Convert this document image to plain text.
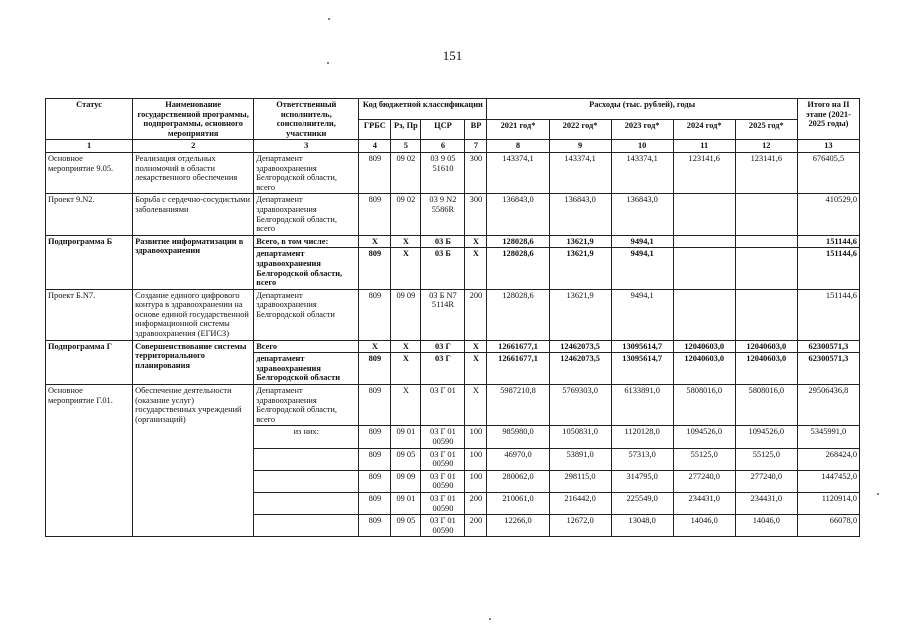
151
Статус	Наименование государственной программы, подпрограммы, основного мероприятия	Ответственный исполнитель, соисполнители, участники	Код бюджетной классификации				Расходы (тыс. рублей), годы					Итого на II этапе (2021-2025 годы)
			ГРБС	Рз, Пр	ЦСР	ВР	2021 год*	2022 год*	2023 год*	2024 год*	2025 год*	
1	2	3	4	5	6	7	8	9	10	11	12	13
Основное мероприятие 9.05.	Реализация отдельных полномочий в области лекарственного обеспечения	Департамент здравоохранения Белгородской области, всего	809	09 02	03 9 05 51610	300	143374,1	143374,1	143374,1	123141,6	123141,6	676405,5
Проект 9.N2.	Борьба с сердечно-сосудистыми заболеваниями	Департамент здравоохранения Белгородской области, всего	809	09 02	03 9 N2 5586R	300	136843,0	136843,0	136843,0			410529,0
Подпрограмма Б	Развитие информатизации в здравоохранении	Всего, в том числе:	Х	Х	03 Б	Х	128028,6	13621,9	9494,1			151144,6
		департамент здравоохранения Белгородской области, всего	809	Х	03 Б	Х	128028,6	13621,9	9494,1			151144,6
Проект Б.N7.	Создание единого цифрового контура в здравоохранении на основе единой государственной информационной системы здравоохранения (ЕГИСЗ)	Департамент здравоохранения Белгородской области	809	09 09	03 Б N7 5114R	200	128028,6	13621,9	9494,1			151144,6
Подпрограмма Г	Совершенствование системы территориального планирования	Всего	Х	Х	03 Г	Х	12661677,1	12462073,5	13095614,7	12040603,0	12040603,0	62300571,3
		департамент здравоохранения Белгородской области	809	Х	03 Г	Х	12661677,1	12462073,5	13095614,7	12040603,0	12040603,0	62300571,3
Основное мероприятие Г.01.	Обеспечение деятельности (оказание услуг) государственных учреждений (организаций)	Департамент здравоохранения Белгородской области, всего	809	Х	03 Г 01	Х	5987210,8	5769303,0	6133891,0	5808016,0	5808016,0	29506436,8
		из них:	809	09 01	03 Г 01 00590	100	985980,0	1050831,0	1120128,0	1094526,0	1094526,0	5345991,0
			809	09 05	03 Г 01 00590	100	46970,0	53891,0	57313,0	55125,0	55125,0	268424,0
			809	09 09	03 Г 01 00590	100	280062,0	298115,0	314795,0	277240,0	277240,0	1447452,0
			809	09 01	03 Г 01 00590	200	210061,0	216442,0	225549,0	234431,0	234431,0	1120914,0
			809	09 05	03 Г 01 00590	200	12266,0	12672,0	13048,0	14046,0	14046,0	66078,0
